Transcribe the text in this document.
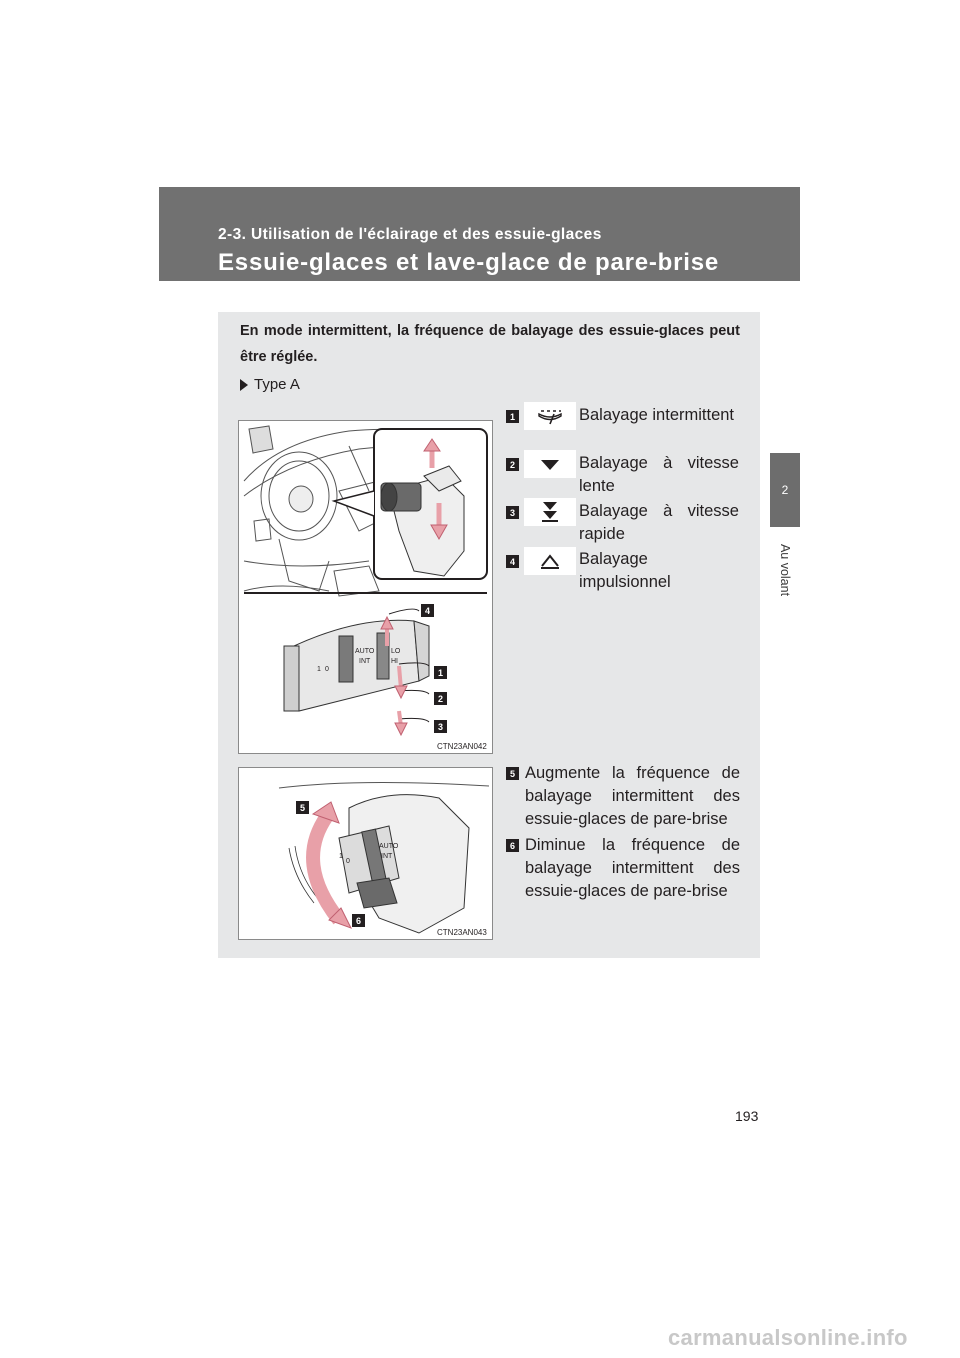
2-3. Utilisation de l'éclairage et des essuie-glaces
Essuie-glaces et lave-glace de pare-brise
2
Au volant
En mode intermittent, la fréquence de balayage des essuie-glaces peut être réglée.
Type A
1 0
AUTO
INT
LO
HI
4
1
2
3
CTN23AN042
1	Balayage intermittent
2	Balayage à vitesse lente
3	Balayage à vitesse rapide
4	Balayage impulsionnel
1
0
AUTO
INT
5
6
CTN23AN043
5 Augmente la fréquence de balayage intermittent des essuie-glaces de pare-brise
6 Diminue la fréquence de balayage intermittent des essuie-glaces de pare-brise
193
carmanualsonline.info
